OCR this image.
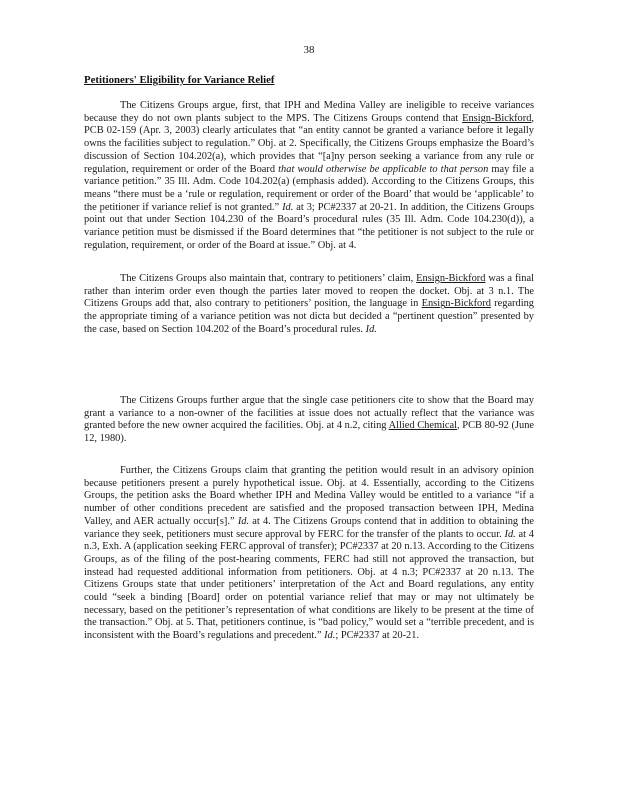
38
Petitioners' Eligibility for Variance Relief
The Citizens Groups argue, first, that IPH and Medina Valley are ineligible to receive variances because they do not own plants subject to the MPS. The Citizens Groups contend that Ensign-Bickford, PCB 02-159 (Apr. 3, 2003) clearly articulates that “an entity cannot be granted a variance before it legally owns the facilities subject to regulation.” Obj. at 2. Specifically, the Citizens Groups emphasize the Board’s discussion of Section 104.202(a), which provides that “[a]ny person seeking a variance from any rule or regulation, requirement or order of the Board that would otherwise be applicable to that person may file a variance petition.” 35 Ill. Adm. Code 104.202(a) (emphasis added). According to the Citizens Groups, this means “there must be a ‘rule or regulation, requirement or order of the Board’ that would be ‘applicable’ to the petitioner if variance relief is not granted.” Id. at 3; PC#2337 at 20-21. In addition, the Citizens Groups point out that under Section 104.230 of the Board’s procedural rules (35 Ill. Adm. Code 104.230(d)), a variance petition must be dismissed if the Board determines that “the petitioner is not subject to the rule or regulation, requirement, or order of the Board at issue.” Obj. at 4.
The Citizens Groups also maintain that, contrary to petitioners’ claim, Ensign-Bickford was a final rather than interim order even though the parties later moved to reopen the docket. Obj. at 3 n.1. The Citizens Groups add that, also contrary to petitioners’ position, the language in Ensign-Bickford regarding the appropriate timing of a variance petition was not dicta but decided a “pertinent question” presented by the case, based on Section 104.202 of the Board’s procedural rules. Id.
The Citizens Groups further argue that the single case petitioners cite to show that the Board may grant a variance to a non-owner of the facilities at issue does not actually reflect that the variance was granted before the new owner acquired the facilities. Obj. at 4 n.2, citing Allied Chemical, PCB 80-92 (June 12, 1980).
Further, the Citizens Groups claim that granting the petition would result in an advisory opinion because petitioners present a purely hypothetical issue. Obj. at 4. Essentially, according to the Citizens Groups, the petition asks the Board whether IPH and Medina Valley would be entitled to a variance “if a number of other conditions precedent are satisfied and the proposed transaction between IPH, Medina Valley, and AER actually occur[s].” Id. at 4. The Citizens Groups contend that in addition to obtaining the variance they seek, petitioners must secure approval by FERC for the transfer of the plants to occur. Id. at 4 n.3, Exh. A (application seeking FERC approval of transfer); PC#2337 at 20 n.13. According to the Citizens Groups, as of the filing of the post-hearing comments, FERC had still not approved the transaction, but instead had requested additional information from petitioners. Obj. at 4 n.3; PC#2337 at 20 n.13. The Citizens Groups state that under petitioners’ interpretation of the Act and Board regulations, any entity could “seek a binding [Board] order on potential variance relief that may or may not ultimately be necessary, based on the petitioner’s representation of what conditions are likely to be present at the time of the transaction.” Obj. at 5. That, petitioners continue, is “bad policy,” would set a “terrible precedent, and is inconsistent with the Board’s regulations and precedent.” Id.; PC#2337 at 20-21.
